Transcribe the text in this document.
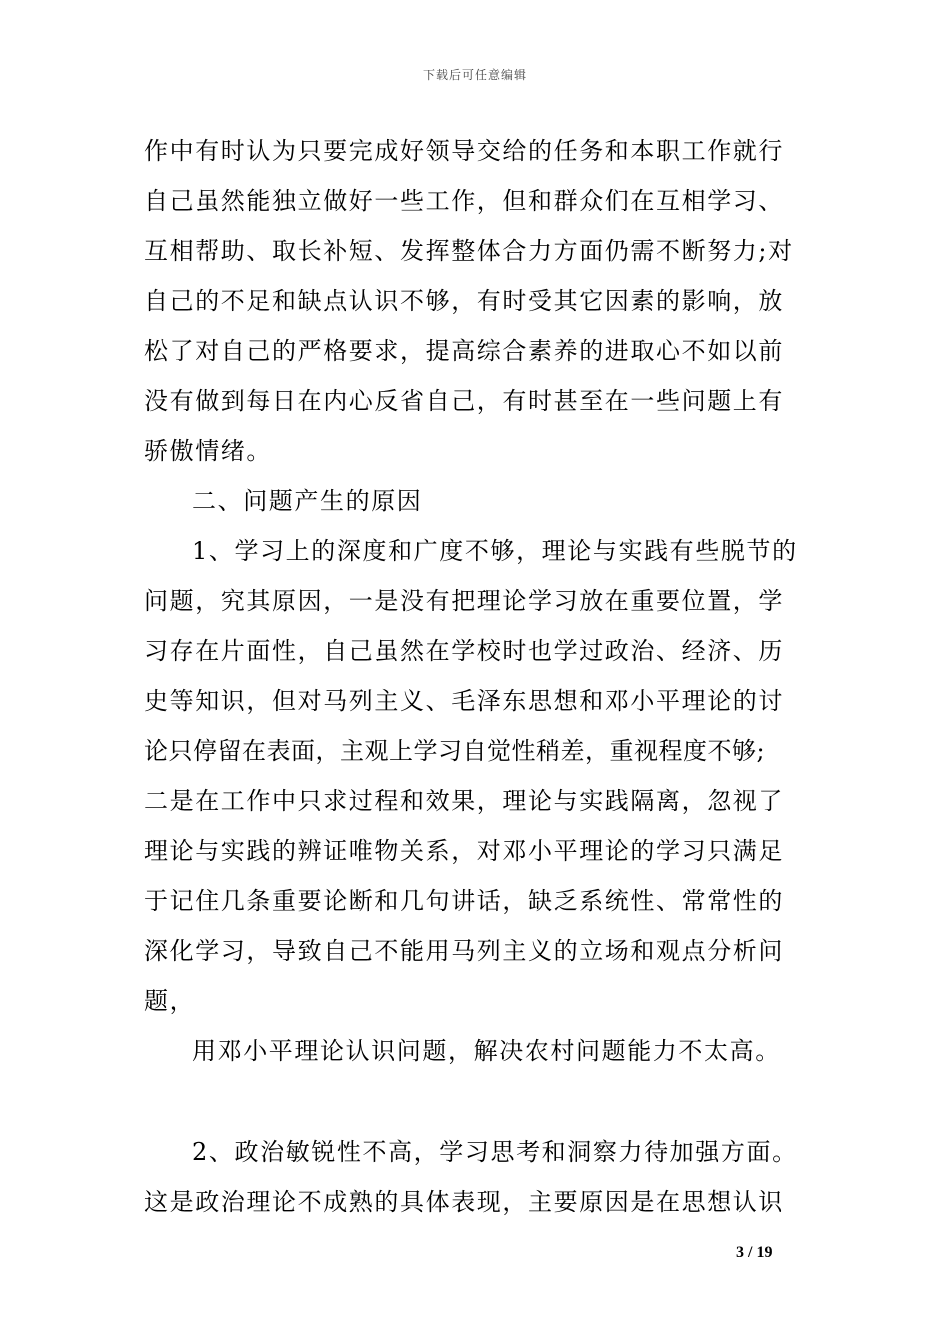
下载后可任意编辑
作中有时认为只要完成好领导交给的任务和本职工作就行
自己虽然能独立做好一些工作，但和群众们在互相学习、
互相帮助、取长补短、发挥整体合力方面仍需不断努力;对
自己的不足和缺点认识不够，有时受其它因素的影响，放
松了对自己的严格要求，提高综合素养的进取心不如以前
没有做到每日在内心反省自己，有时甚至在一些问题上有
骄傲情绪。
二、问题产生的原因
1、学习上的深度和广度不够，理论与实践有些脱节的
问题，究其原因，一是没有把理论学习放在重要位置，学
习存在片面性，自己虽然在学校时也学过政治、经济、历
史等知识，但对马列主义、毛泽东思想和邓小平理论的讨
论只停留在表面，主观上学习自觉性稍差，重视程度不够;
二是在工作中只求过程和效果，理论与实践隔离，忽视了
理论与实践的辨证唯物关系，对邓小平理论的学习只满足
于记住几条重要论断和几句讲话，缺乏系统性、常常性的
深化学习，导致自己不能用马列主义的立场和观点分析问
题，
用邓小平理论认识问题，解决农村问题能力不太高。
2、政治敏锐性不高，学习思考和洞察力待加强方面。
这是政治理论不成熟的具体表现，主要原因是在思想认识
3 / 19
